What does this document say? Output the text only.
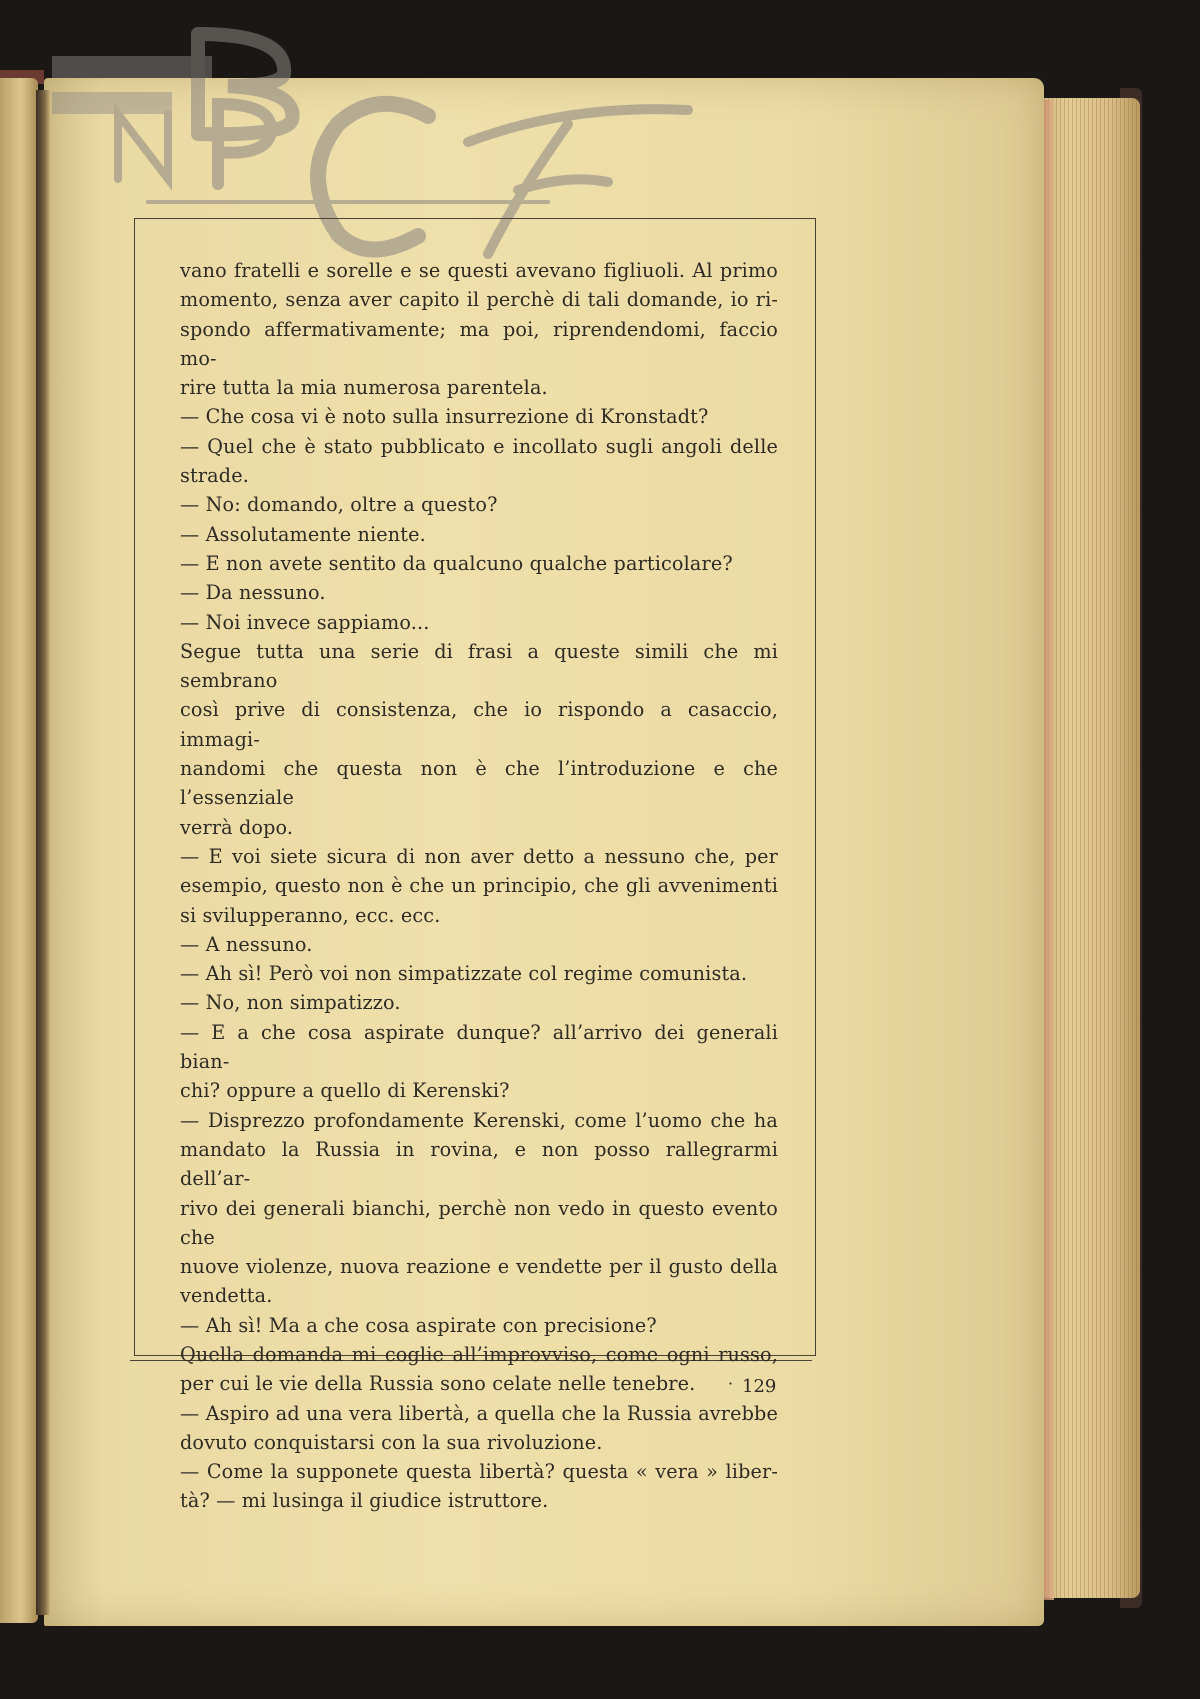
vano fratelli e sorelle e se questi avevano figliuoli. Al primo
momento, senza aver capito il perchè di tali domande, io ri-
spondo affermativamente; ma poi, riprendendomi, faccio mo-
rire tutta la mia numerosa parentela.
— Che cosa vi è noto sulla insurrezione di Kronstadt?
— Quel che è stato pubblicato e incollato sugli angoli delle
strade.
— No: domando, oltre a questo?
— Assolutamente niente.
— E non avete sentito da qualcuno qualche particolare?
— Da nessuno.
— Noi invece sappiamo...
Segue tutta una serie di frasi a queste simili che mi sembrano
così prive di consistenza, che io rispondo a casaccio, immagi-
nandomi che questa non è che l’introduzione e che l’essenziale
verrà dopo.
— E voi siete sicura di non aver detto a nessuno che, per
esempio, questo non è che un principio, che gli avvenimenti
si svilupperanno, ecc. ecc.
— A nessuno.
— Ah sì! Però voi non simpatizzate col regime comunista.
— No, non simpatizzo.
— E a che cosa aspirate dunque? all’arrivo dei generali bian-
chi? oppure a quello di Kerenski?
— Disprezzo profondamente Kerenski, come l’uomo che ha
mandato la Russia in rovina, e non posso rallegrarmi dell’ar-
rivo dei generali bianchi, perchè non vedo in questo evento che
nuove violenze, nuova reazione e vendette per il gusto della
vendetta.
— Ah sì! Ma a che cosa aspirate con precisione?
Quella domanda mi coglie all’improvviso, come ogni russo,
per cui le vie della Russia sono celate nelle tenebre.
— Aspiro ad una vera libertà, a quella che la Russia avrebbe
dovuto conquistarsi con la sua rivoluzione.
— Come la supponete questa libertà? questa « vera » liber-
tà? — mi lusinga il giudice istruttore.
· 129
